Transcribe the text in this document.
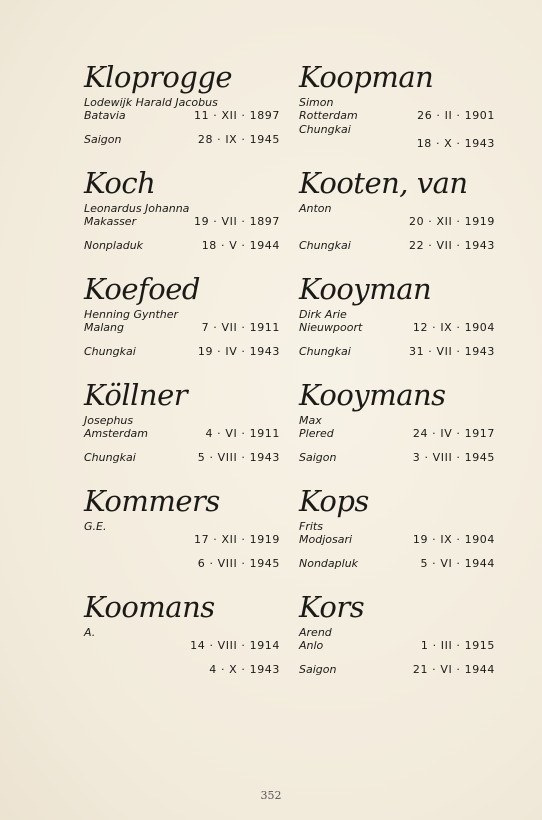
Kloprogge
Lodewijk Harald Jacobus
Batavia	11 · XII · 1897
Saigon	28 · IX · 1945
Koch
Leonardus Johanna
Makasser	19 · VII · 1897
Nonpladuk	18 · V · 1944
Koefoed
Henning Gynther
Malang	7 · VII · 1911
Chungkai	19 · IV · 1943
Köllner
Josephus
Amsterdam	4 · VI · 1911
Chungkai	5 · VIII · 1943
Kommers
G.E.
17 · XII · 1919
6 · VIII · 1945
Koomans
A.
14 · VIII · 1914
4 · X · 1943
Koopman
Simon
Rotterdam	26 · II · 1901
Chungkai
18 · X · 1943
Kooten, van
Anton
20 · XII · 1919
Chungkai	22 · VII · 1943
Kooyman
Dirk Arie
Nieuwpoort	12 · IX · 1904
Chungkai	31 · VII · 1943
Kooymans
Max
Plered	24 · IV · 1917
Saigon	3 · VIII · 1945
Kops
Frits
Modjosari	19 · IX · 1904
Nondapluk	5 · VI · 1944
Kors
Arend
Anlo	1 · III · 1915
Saigon	21 · VI · 1944
352
